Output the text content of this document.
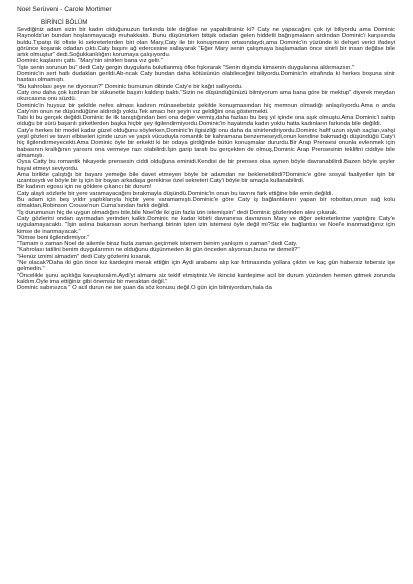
Noel Serüveni - Carole Mortimer
BİRİNCİ BÖLÜM

Sevdiğiniz adam sizin bir kadın olduğunuzun farkında bile değilse ne yapabilirsiniz ki? Caty ne yapacağını çok iyi biliyordu ama Dominic Raynolds'un bundan hoşlanmayacağı muhakkaktı. Bunu düşünürken bitişik odadan gelen hiddetli bağrışmaların ardından Dominic'i karşısında buldu.Tıpatıp iki ofiste ki sekreterlerden biri olan Mary,Caty ile bir konuşmanın ortasındaydı,ama Dominic'in yüzünde ki dehşet verici ifadeyi görünce koşarak odadan çıktı.Caty başını ağ edercesine sallayarak "Eğer Mary senin çalışmaya başlamadan önce sinirli bir insan değilse bile artık olmuştur" dedi.Soğukkanlılığını korumaya çalışıyordu.

Dominic kaşlarını çattı. "Mary'nin sinirleri bana vız gelir."

"İşte senin sorunun bu" dedi Caty gergin duygularla bulutlanmış öfke fışkırarak "Senin dışında kimsenin duygularına aldırmazsın."

Dominic'in sert hatlı dudakları gerildi.Ab-ncak Caty bundan daha kötüsünün olabileceğini biliyordu.Dominic'in etrafında ki herkes boşuna sinir hastası olmamıştı.

"Bu kahrolası şeye ne diyorsun?" Dominic burnunun dibinde Caty'e bir kağıt sallıyordu.

Caty onu daha çok kızdıran bir sükunetle başını kaldırıp baktı."Sizin ne düşündüğünüzü bilmiyorum ama bana göre bir mektup" diyerek meydan okurcasına onu süzdü.

Dominic'in huysuz bir şekilde nefes alması kadının münasebetsiz şekilde konuşmasından hiç memnun olmadığı anlaşılıyordu.Ama o anda Caty'nin onun ne düşündüğüne aldırdığı yoktu.Tek amacı her şeyin vız geldiğini ona göstermekti.

Tabi ki bu gerçek değildi.Dominic ile ilk tanıştığından beri ona değer vermiş,daha fazlası bu beş yıl içinde ona aşık olmuştu.Ama Dominic'i sahip olduğu bir sürü başarılı şirketlerden başka hiçbir şey ilgilendirmiyordu.Dominic'in hayatında kadın yoktu hatta kadınların farkında bile değildi.

Caty'e herkes bir model kadar güzel olduğunu söylerken,Dominic'in ilgisizliği onu daha da sinirlendiriyordu.Dominic hafif uzun siyah saçları,vahşi yeşil gözleri ve tavırı elbiseleri içinde uzun ve yapılı vücuduyla romantik bir kahramana benzemeseydi,onun kendine bakmadığı düşündüğü Caty'i hiç ilgilendirmeyecekti.Ama Dominic öyle bir erkekti ki bir odaya girdiğinde bütün konuşmalar dururdu.Bir Arap Prensesi onunla evlenmek için babasının krallığının yarısını ona vermeye razı olabilirdi.İşin garip tarafı bu gerçekten de olmuş,Dominic Arap Prensesinin teklifini ciddiye bile almamıştı.

Oysa Catty bu romantik hikayede prensesin ciddi olduğuna eminidi.Kendisi de bir prenses olsa aynen böyle davranabilirdi.Bazen böyle şeyler hayal etmeyi seviyordu.

Ama birlikte çalıştığı bir bayanı yemeğe bile davet etmeyen böyle bir adamdan ne beklenebilirdi?Dominic'e göre sosyal faaliyetler işin bir uzantısıydı ve böyle bir iş için bir bayan arkadaşa gerekirse özel sekreteri Caty'i böyle bir amaçla kullanabilirdi.

Bir kadının egosu için ne göklere çıkarıcı bir durum!

Caty alaylı sözlerle bir yere varamayacağını bırakmayla düşündü.Dominic'in onun bu tavrını fark ettiğine bile emin değildi.

Bu adam için beş yıldır yaptıklarıyla hiçbir yere varamamıştı.Dominic'e göre Caty iş bağlantılarını yapan bir robottan,onun sağ kolu olmaktan,Robinson Crouse'nun Cuma'sından farklı değildi.

"İş durumunun hiç de uygun olmadığını bile,bile Noel'de iki gün fazla izin istemişsin" dedi Dominic gözlerinden alev çıkarak.

Caty gözlerini ondan ayırmadan yerinden kalktı.Dominic ne kadar kibirli davranırsa davransın Mary ve diğer sekreterlerine yaptığını Caty'e uygulamayacaktı. "İşin aslına bakarsan sorun herhangi birinin işten izin istemesi öyle değil mi?Siz ele bağlantısı ve Noel'e inanmadığınız için kimse de inanmayacak."

"Kimse beni ilgilendirmiyor."

"Tamam o zaman Noel de ailemle biraz fazla zaman geçirmek istemem benim yanlışım o zaman" dedi Caty.

"Kahrolası tatilini benim duygularımın ne olduğunu düşünmeden iki gün önceden alıyorsun,buna ne demeli?"

"Henüz iznimi almadım" dedi Caty gözlerini kısarak.

"Ne olacak?Daha iki gün önce kız kardeşini merak ettiğin için Aydi arabamı alıp kar fırtınasında yollara çıktın ve kaç gün habersiz tebersiz işe gelmedin."

"Öncelikle şunu açıklığa kavuşturalım.Aydi'yi almamı siz teklif etmiştiniz.Ve ikincisi kardeşime acil bir durum yüzünden hemen gitmek zorunda kaldım.Öyle ima ettiğiniz gibi önemsiz bir meraktan değil."

Dominic sabırsızca " O acil durun ne ise şuan da söz konusu değil.O gün için bilmiyordum,hala da
